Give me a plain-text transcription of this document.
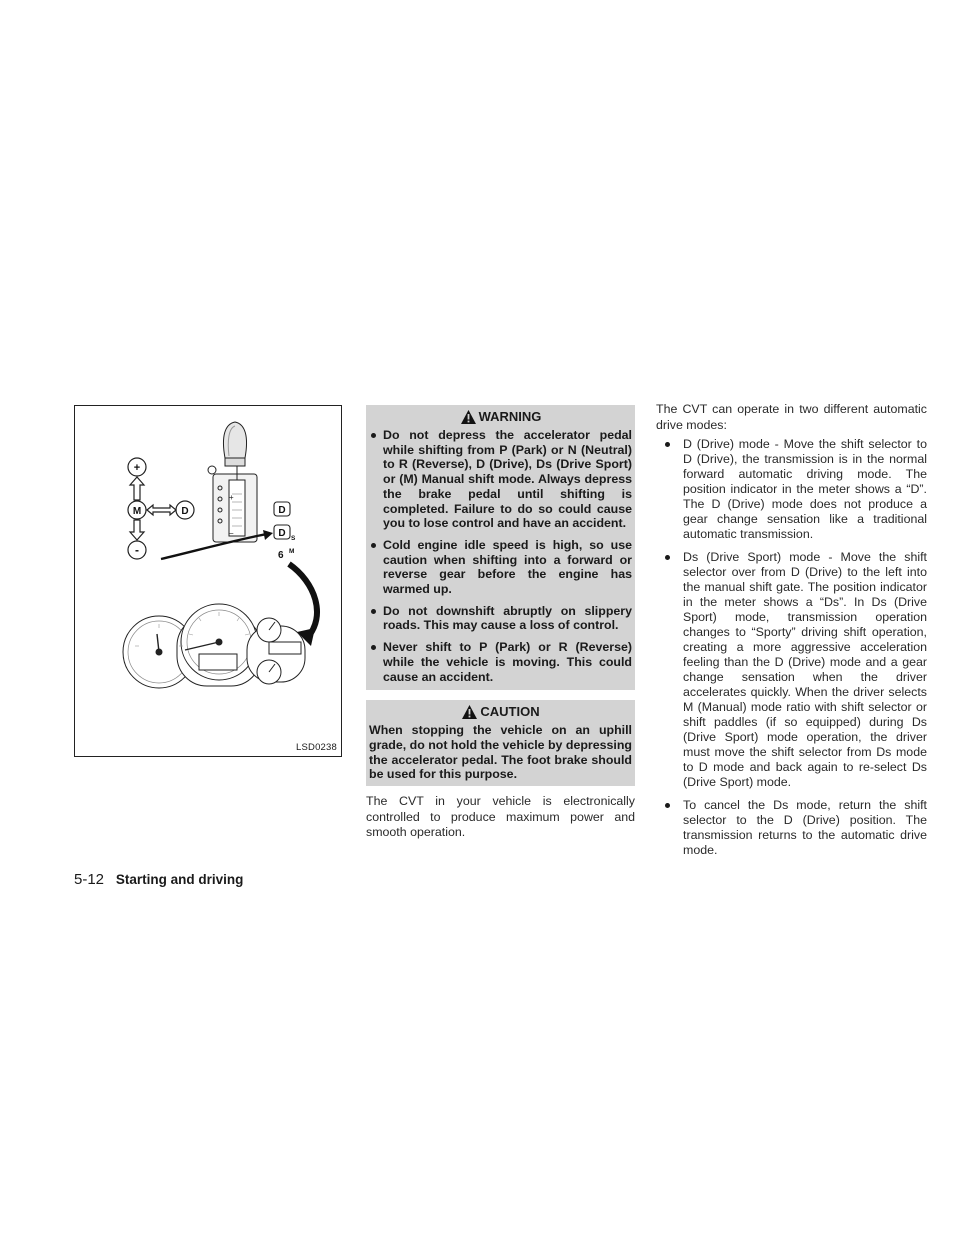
+
M	D
-
+
−
D
D S
6 M
LSD0238
WARNING
Do not depress the accelerator pedal while shifting from P (Park) or N (Neutral) to R (Reverse), D (Drive), Ds (Drive Sport) or (M) Manual shift mode. Always depress the brake pedal until shifting is completed. Failure to do so could cause you to lose control and have an accident.
Cold engine idle speed is high, so use caution when shifting into a forward or reverse gear before the engine has warmed up.
Do not downshift abruptly on slippery roads. This may cause a loss of control.
Never shift to P (Park) or R (Reverse) while the vehicle is moving. This could cause an accident.
CAUTION
When stopping the vehicle on an uphill grade, do not hold the vehicle by depressing the accelerator pedal. The foot brake should be used for this purpose.
The CVT in your vehicle is electronically controlled to produce maximum power and smooth operation.
The CVT can operate in two different automatic drive modes:
D (Drive) mode - Move the shift selector to D (Drive), the transmission is in the normal forward automatic driving mode. The position indicator in the meter shows a “D”. The D (Drive) mode does not produce a gear change sensation like a traditional automatic transmission.
Ds (Drive Sport) mode - Move the shift selector over from D (Drive) to the left into the manual shift gate. The position indicator in the meter shows a “Ds”. In Ds (Drive Sport) mode, transmission operation changes to “Sporty” driving shift operation, creating a more aggressive acceleration feeling than the D (Drive) mode and a gear change sensation when the driver accelerates quickly. When the driver selects M (Manual) mode ratio with shift selector or shift paddles (if so equipped) during Ds (Drive Sport) mode operation, the driver must move the shift selector from Ds mode to D mode and back again to re-select Ds (Drive Sport) mode.
To cancel the Ds mode, return the shift selector to the D (Drive) position. The transmission returns to the automatic drive mode.
5-12 Starting and driving
